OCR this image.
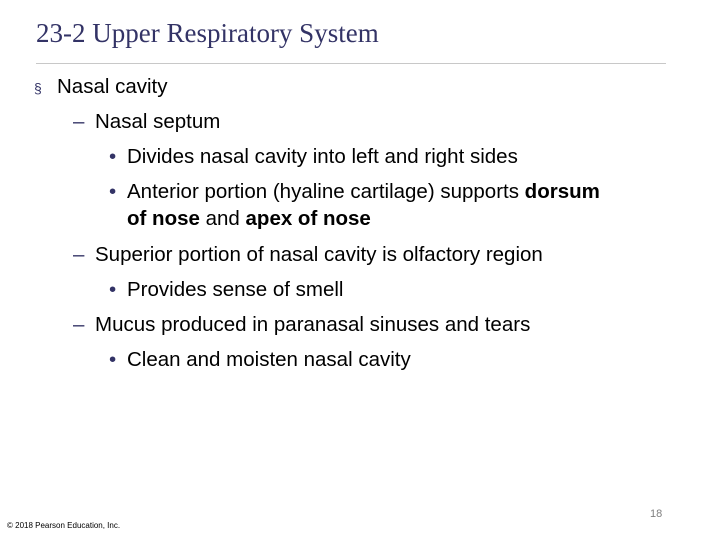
23-2 Upper Respiratory System
§ Nasal cavity
– Nasal septum
• Divides nasal cavity into left and right sides
• Anterior portion (hyaline cartilage) supports dorsum
of nose and apex of nose
– Superior portion of nasal cavity is olfactory region
• Provides sense of smell
– Mucus produced in paranasal sinuses and tears
• Clean and moisten nasal cavity
18
© 2018 Pearson Education, Inc.
